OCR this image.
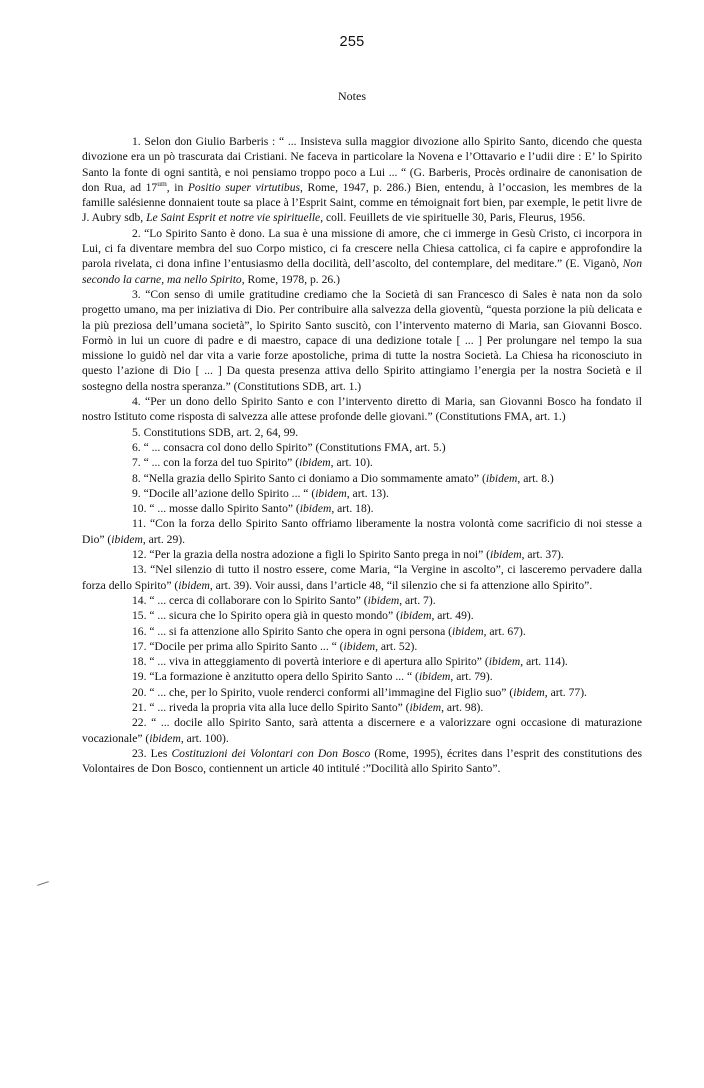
255
Notes

1. Selon don Giulio Barberis : “ ... Insisteva sulla maggior divozione allo Spirito Santo, dicendo che questa divozione era un pò trascurata dai Cristiani. Ne faceva in particolare la Novena e l’Ottavario e l’udii dire : E’ lo Spirito Santo la fonte di ogni santità, e noi pensiamo troppo poco a Lui ... “ (G. Barberis, Procès ordinaire de canonisation de don Rua, ad $17^{um}$, in Positio super virtutibus, Rome, 1947, p. 286.) Bien, entendu, à l’occasion, les membres de la famille salésienne donnaient toute sa place à l’Esprit Saint, comme en témoignait fort bien, par exemple, le petit livre de J. Aubry sdb, Le Saint Esprit et notre vie spirituelle, coll. Feuillets de vie spirituelle 30, Paris, Fleurus, 1956.

2. “Lo Spirito Santo è dono. La sua è una missione di amore, che ci immerge in Gesù Cristo, ci incorpora in Lui, ci fa diventare membra del suo Corpo mistico, ci fa crescere nella Chiesa cattolica, ci fa capire e approfondire la parola rivelata, ci dona infine l’entusiasmo della docilità, dell’ascolto, del contemplare, del meditare.” (E. Viganò, Non secondo la carne, ma nello Spirito, Rome, 1978, p. 26.)

3. “Con senso di umile gratitudine crediamo che la Società di san Francesco di Sales è nata non da solo progetto umano, ma per iniziativa di Dio. Per contribuire alla salvezza della gioventù, “questa porzione la più delicata e la più preziosa dell’umana società”, lo Spirito Santo suscitò, con l’intervento materno di Maria, san Giovanni Bosco. Formò in lui un cuore di padre e di maestro, capace di una dedizione totale [ ... ] Per prolungare nel tempo la sua missione lo guidò nel dar vita a varie forze apostoliche, prima di tutte la nostra Società. La Chiesa ha riconosciuto in questo l’azione di Dio [ ... ] Da questa presenza attiva dello Spirito attingiamo l’energia per la nostra Società e il sostegno della nostra speranza.” (Constitutions SDB, art. 1.)

4. “Per un dono dello Spirito Santo e con l’intervento diretto di Maria, san Giovanni Bosco ha fondato il nostro Istituto come risposta di salvezza alle attese profonde delle giovani.” (Constitutions FMA, art. 1.)

5. Constitutions SDB, art. 2, 64, 99.

6. “ ... consacra col dono dello Spirito” (Constitutions FMA, art. 5.)

7. “ ... con la forza del tuo Spirito” (ibidem, art. 10).

8. “Nella grazia dello Spirito Santo ci doniamo a Dio sommamente amato” (ibidem, art. 8.)

9. “Docile all’azione dello Spirito ... “ (ibidem, art. 13).

10. “ ... mosse dallo Spirito Santo” (ibidem, art. 18).

11. “Con la forza dello Spirito Santo offriamo liberamente la nostra volontà come sacrificio di noi stesse a Dio” (ibidem, art. 29).

12. “Per la grazia della nostra adozione a figli lo Spirito Santo prega in noi” (ibidem, art. 37).

13. “Nel silenzio di tutto il nostro essere, come Maria, “la Vergine in ascolto”, ci lasceremo pervadere dalla forza dello Spirito” (ibidem, art. 39). Voir aussi, dans l’article 48, “il silenzio che si fa attenzione allo Spirito”.

14. “ ... cerca di collaborare con lo Spirito Santo” (ibidem, art. 7).

15. “ ... sicura che lo Spirito opera già in questo mondo” (ibidem, art. 49).

16. “ ... si fa attenzione allo Spirito Santo che opera in ogni persona (ibidem, art. 67).

17. “Docile per prima allo Spirito Santo ... “ (ibidem, art. 52).

18. “ ... viva in atteggiamento di povertà interiore e di apertura allo Spirito” (ibidem, art. 114).

19. “La formazione è anzitutto opera dello Spirito Santo ... “ (ibidem, art. 79).

20. “ ... che, per lo Spirito, vuole renderci conformi all’immagine del Figlio suo” (ibidem, art. 77).

21. “ ... riveda la propria vita alla luce dello Spirito Santo” (ibidem, art. 98).

22. “ ... docile allo Spirito Santo, sarà attenta a discernere e a valorizzare ogni occasione di maturazione vocazionale” (ibidem, art. 100).

23. Les Costituzioni dei Volontari con Don Bosco (Rome, 1995), écrites dans l’esprit des constitutions des Volontaires de Don Bosco, contiennent un article 40 intitulé :”Docilità allo Spirito Santo”.
